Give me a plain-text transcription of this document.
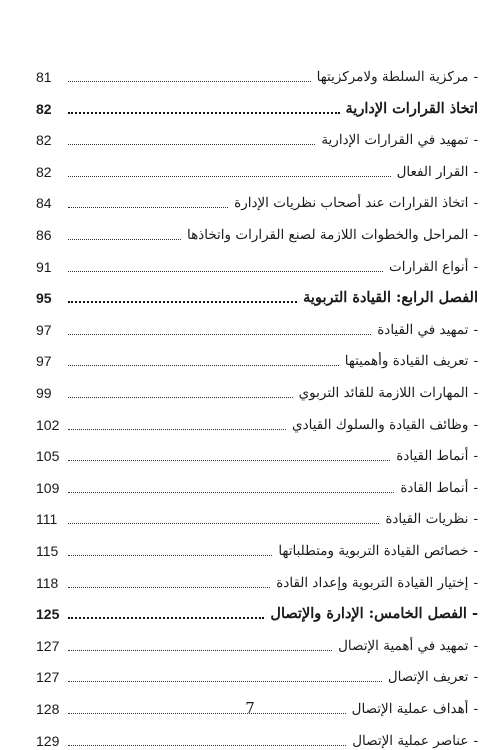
81	-مركزية السلطة ولامركزيتها
82	اتخاذ القرارات الإدارية
82	-تمهيد في القرارات الإدارية
82	-القرار الفعال
84	-اتخاذ القرارات عند أصحاب نظريات الإدارة
86	-المراحل والخطوات اللازمة لصنع القرارات واتخاذها
91	-أنواع القرارات
95	الفصل الرابع: القيادة التربوية
97	-تمهيد في القيادة
97	-تعريف القيادة وأهميتها
99	-المهارات اللازمة للقائد التربوي
102	-وظائف القيادة والسلوك القيادي
105	-أنماط القيادة
109	-أنماط القادة
111	-نظريات القيادة
115	-خصائص القيادة التربوية ومتطلباتها
118	-إختيار القيادة التربوية وإعداد القادة
125	-الفصل الخامس: الإدارة والإتصال
127	-تمهيد في أهمية الإتصال
127	-تعريف الإتصال
128	-أهداف عملية الإتصال
129	-عناصر عملية الإتصال
7
